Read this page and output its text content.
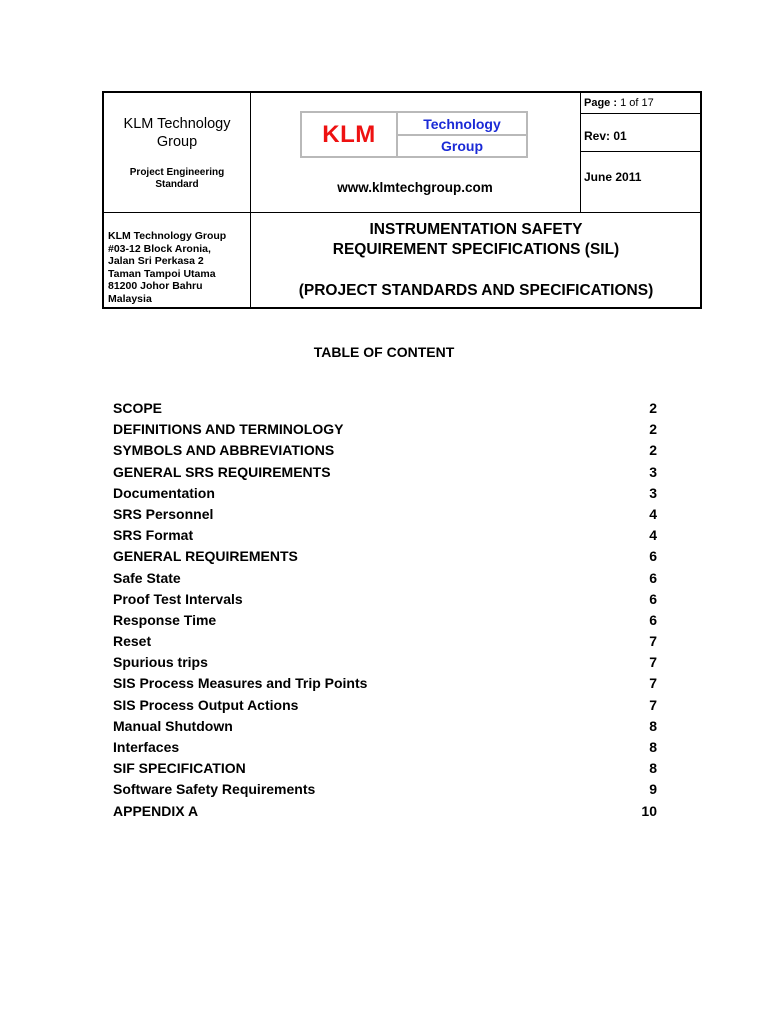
KLM Technology
Group
Project Engineering
Standard
KLM	Technology
Group
www.klmtechgroup.com
Page : 1 of 17
Rev: 01
June 2011
KLM Technology Group
#03-12 Block Aronia,
Jalan Sri Perkasa 2
Taman Tampoi Utama
81200 Johor Bahru
Malaysia
INSTRUMENTATION SAFETY
REQUIREMENT SPECIFICATIONS (SIL)
(PROJECT STANDARDS AND SPECIFICATIONS)
TABLE OF CONTENT
SCOPE	2
DEFINITIONS AND TERMINOLOGY	2
SYMBOLS AND ABBREVIATIONS	2
GENERAL SRS REQUIREMENTS	3
Documentation	3
SRS Personnel	4
SRS Format	4
GENERAL REQUIREMENTS	6
Safe State	6
Proof Test Intervals	6
Response Time	6
Reset	7
Spurious trips	7
SIS Process Measures and Trip Points	7
SIS Process Output Actions	7
Manual Shutdown	8
Interfaces	8
SIF SPECIFICATION	8
Software Safety Requirements	9
APPENDIX A	10
